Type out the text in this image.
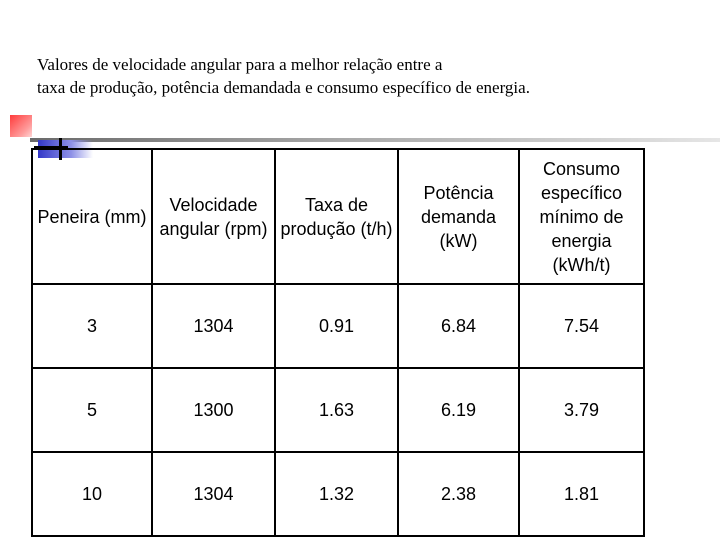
Valores de velocidade angular para a melhor relação entre a
taxa de produção, potência demandada e consumo específico de energia.
Peneira (mm)	Velocidade angular (rpm)	Taxa de produção (t/h)	Potência demanda (kW)	Consumo específico mínimo de energia (kWh/t)
3	1304	0.91	6.84	7.54
5	1300	1.63	6.19	3.79
10	1304	1.32	2.38	1.81
